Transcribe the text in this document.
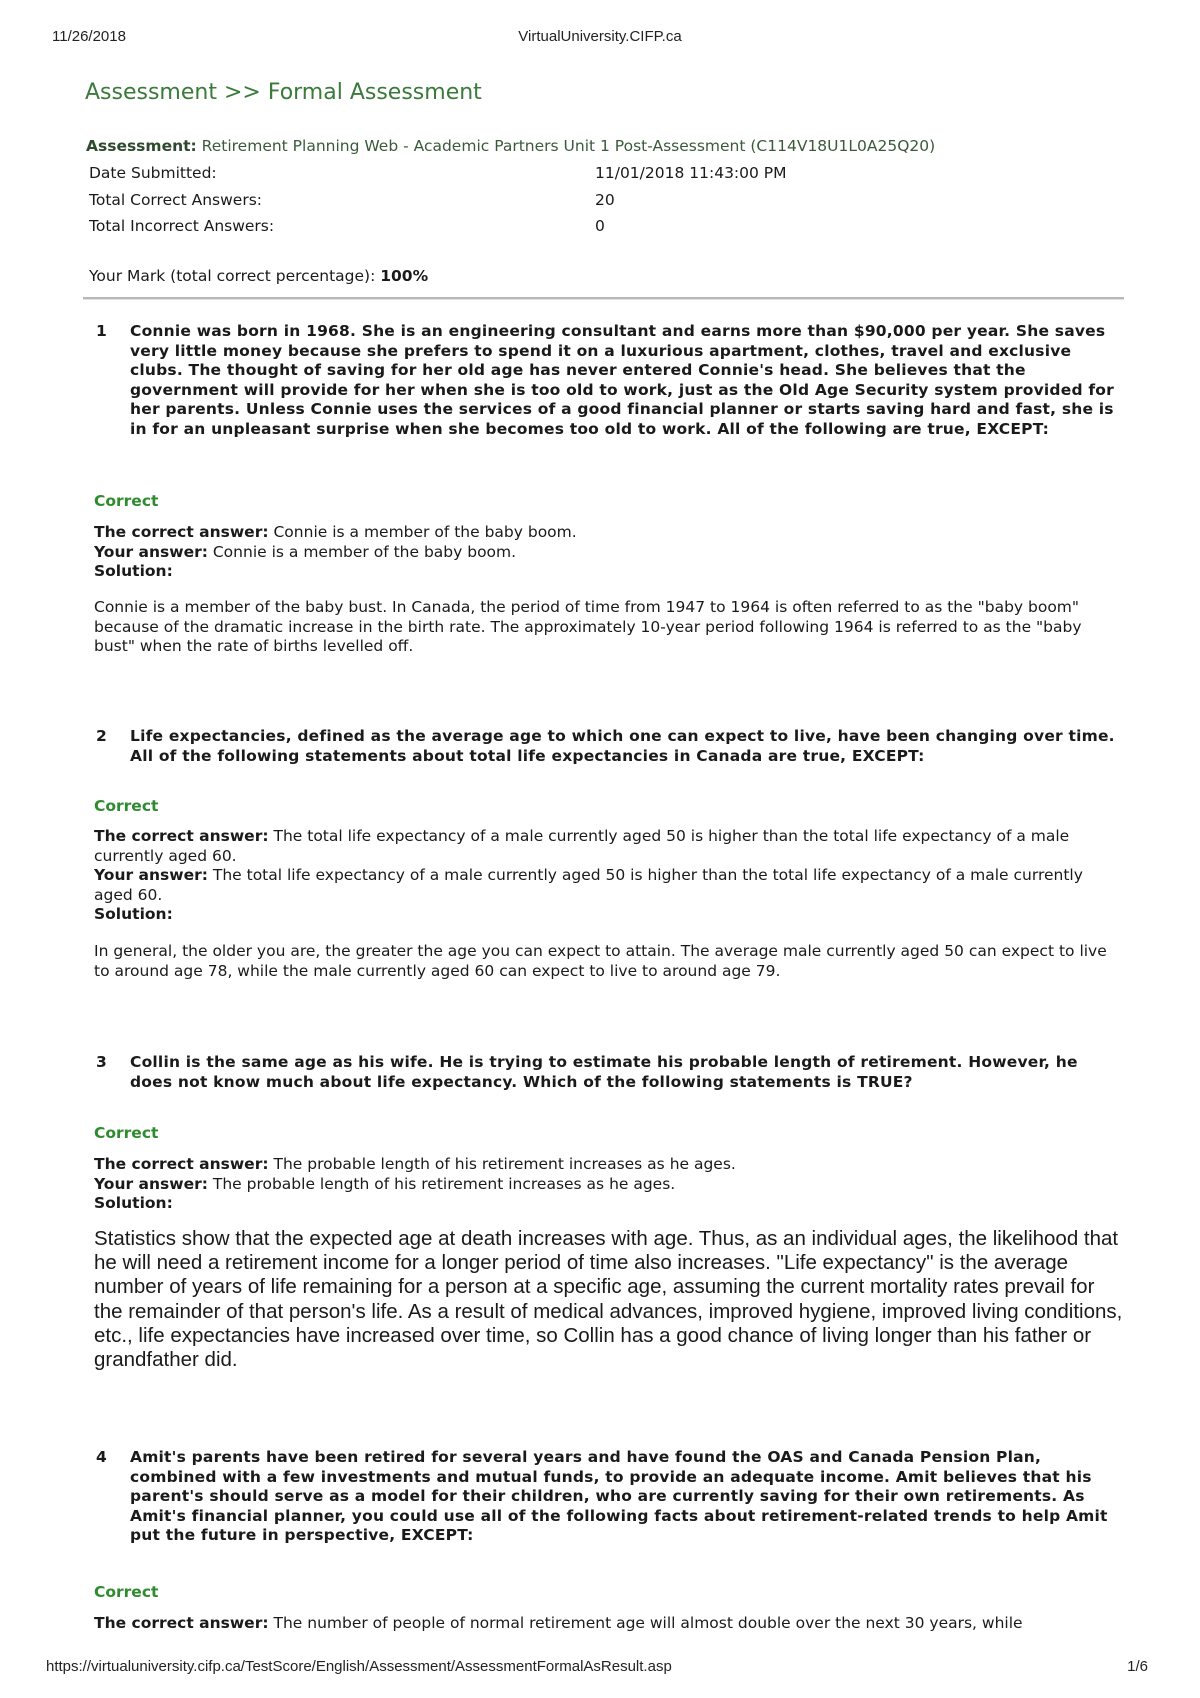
11/26/2018	VirtualUniversity.CIFP.ca
Assessment >> Formal Assessment
Assessment: Retirement Planning Web - Academic Partners Unit 1 Post-Assessment (C114V18U1L0A25Q20)
Date Submitted:	11/01/2018 11:43:00 PM
Total Correct Answers:	20
Total Incorrect Answers:	0
Your Mark (total correct percentage): 100%
1 Connie was born in 1968. She is an engineering consultant and earns more than $90,000 per year. She saves very little money because she prefers to spend it on a luxurious apartment, clothes, travel and exclusive clubs. The thought of saving for her old age has never entered Connie's head. She believes that the government will provide for her when she is too old to work, just as the Old Age Security system provided for her parents. Unless Connie uses the services of a good financial planner or starts saving hard and fast, she is in for an unpleasant surprise when she becomes too old to work. All of the following are true, EXCEPT:
Correct
The correct answer: Connie is a member of the baby boom.
Your answer: Connie is a member of the baby boom.
Solution:
Connie is a member of the baby bust. In Canada, the period of time from 1947 to 1964 is often referred to as the "baby boom" because of the dramatic increase in the birth rate. The approximately 10-year period following 1964 is referred to as the "baby bust" when the rate of births levelled off.
2 Life expectancies, defined as the average age to which one can expect to live, have been changing over time. All of the following statements about total life expectancies in Canada are true, EXCEPT:
Correct
The correct answer: The total life expectancy of a male currently aged 50 is higher than the total life expectancy of a male currently aged 60.
Your answer: The total life expectancy of a male currently aged 50 is higher than the total life expectancy of a male currently aged 60.
Solution:
In general, the older you are, the greater the age you can expect to attain. The average male currently aged 50 can expect to live to around age 78, while the male currently aged 60 can expect to live to around age 79.
3 Collin is the same age as his wife. He is trying to estimate his probable length of retirement. However, he does not know much about life expectancy. Which of the following statements is TRUE?
Correct
The correct answer: The probable length of his retirement increases as he ages.
Your answer: The probable length of his retirement increases as he ages.
Solution:
Statistics show that the expected age at death increases with age. Thus, as an individual ages, the likelihood that he will need a retirement income for a longer period of time also increases. "Life expectancy" is the average number of years of life remaining for a person at a specific age, assuming the current mortality rates prevail for the remainder of that person's life. As a result of medical advances, improved hygiene, improved living conditions, etc., life expectancies have increased over time, so Collin has a good chance of living longer than his father or grandfather did.
4 Amit's parents have been retired for several years and have found the OAS and Canada Pension Plan, combined with a few investments and mutual funds, to provide an adequate income. Amit believes that his parent's should serve as a model for their children, who are currently saving for their own retirements. As Amit's financial planner, you could use all of the following facts about retirement-related trends to help Amit put the future in perspective, EXCEPT:
Correct
The correct answer: The number of people of normal retirement age will almost double over the next 30 years, while
https://virtualuniversity.cifp.ca/TestScore/English/Assessment/AssessmentFormalAsResult.asp	1/6
